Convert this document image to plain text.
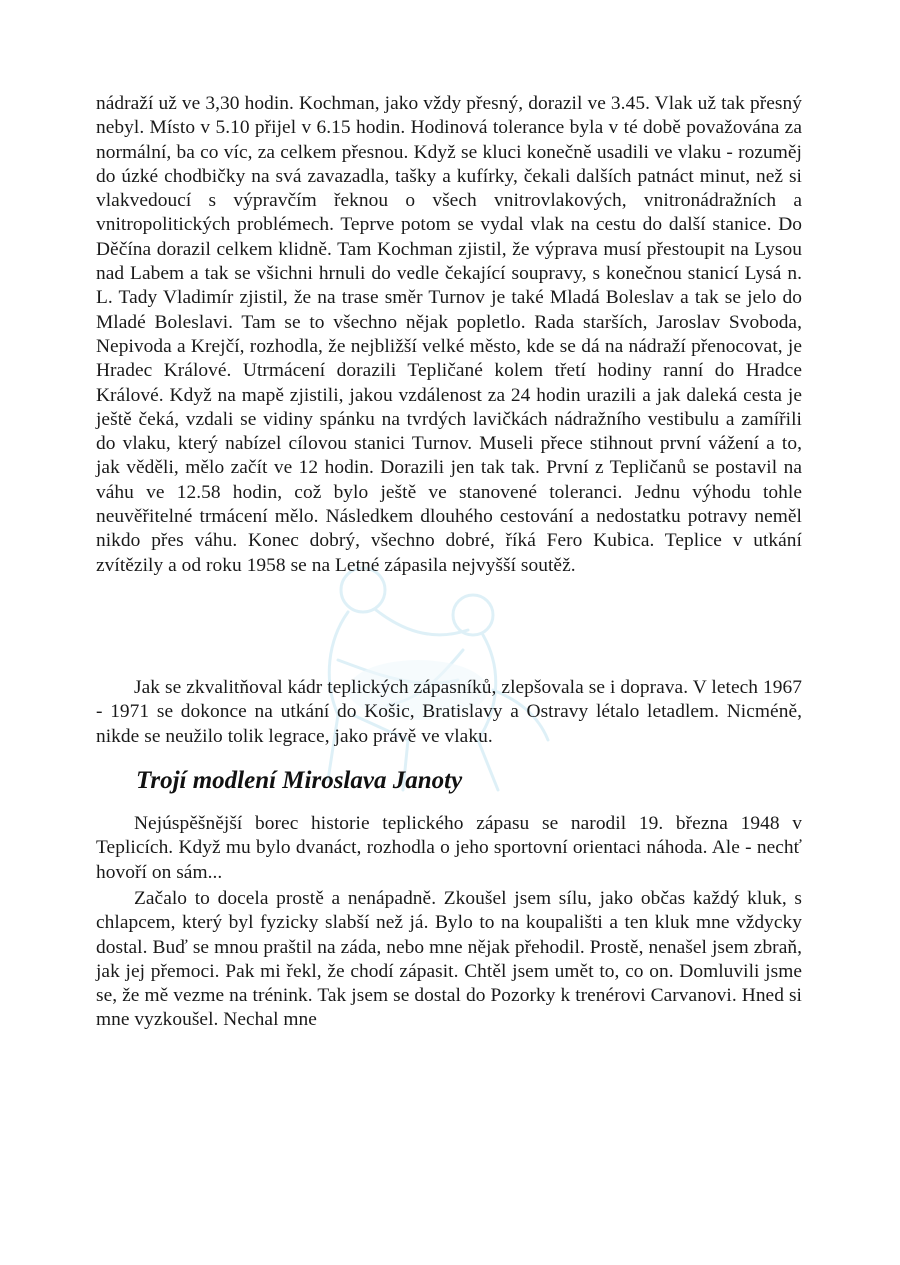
nádraží už ve 3,30 hodin. Kochman, jako vždy přesný, dorazil ve 3.45. Vlak už tak přesný nebyl. Místo v 5.10 přijel v 6.15 hodin. Hodinová tolerance byla v té době považována za normální, ba co víc, za celkem přesnou. Když se kluci konečně usadili ve vlaku - rozuměj do úzké chodbičky na svá zavazadla, tašky a kufírky, čekali dalších patnáct minut, než si vlakvedoucí s výpravčím řeknou o všech vnitrovlakových, vnitronádražních a vnitropolitických problémech. Teprve potom se vydal vlak na cestu do další stanice. Do Děčína dorazil celkem klidně. Tam Kochman zjistil, že výprava musí přestoupit na Lysou nad Labem a tak se všichni hrnuli do vedle čekající soupravy, s konečnou stanicí Lysá n. L. Tady Vladimír zjistil, že na trase směr Turnov je také Mladá Boleslav a tak se jelo do Mladé Boleslavi. Tam se to všechno nějak popletlo. Rada starších, Jaroslav Svoboda, Nepivoda a Krejčí, rozhodla, že nejbližší velké město, kde se dá na nádraží přenocovat, je Hradec Králové. Utrmácení dorazili Tepličané kolem třetí hodiny ranní do Hradce Králové. Když na mapě zjistili, jakou vzdálenost za 24 hodin urazili a jak daleká cesta je ještě čeká, vzdali se vidiny spánku na tvrdých lavičkách nádražního vestibulu a zamířili do vlaku, který nabízel cílovou stanici Turnov. Museli přece stihnout první vážení a to, jak věděli, mělo začít ve 12 hodin. Dorazili jen tak tak. První z Tepličanů se postavil na váhu ve 12.58 hodin, což bylo ještě ve stanovené toleranci. Jednu výhodu tohle neuvěřitelné trmácení mělo. Následkem dlouhého cestování a nedostatku potravy neměl nikdo přes váhu. Konec dobrý, všechno dobré, říká Fero Kubica. Teplice v utkání zvítězily a od roku 1958 se na Letné zápasila nejvyšší soutěž.

Jak se zkvalitňoval kádr teplických zápasníků, zlepšovala se i doprava. V letech 1967 - 1971 se dokonce na utkání do Košic, Bratislavy a Ostravy létalo letadlem. Nicméně, nikde se neužilo tolik legrace, jako právě ve vlaku.

Trojí modlení Miroslava Janoty

Nejúspěšnější borec historie teplického zápasu se narodil 19. března 1948 v Teplicích. Když mu bylo dvanáct, rozhodla o jeho sportovní orientaci náhoda. Ale - nechť hovoří on sám...

Začalo to docela prostě a nenápadně. Zkoušel jsem sílu, jako občas každý kluk, s chlapcem, který byl fyzicky slabší než já. Bylo to na koupališti a ten kluk mne vždycky dostal. Buď se mnou praštil na záda, nebo mne nějak přehodil. Prostě, nenašel jsem zbraň, jak jej přemoci. Pak mi řekl, že chodí zápasit. Chtěl jsem umět to, co on. Domluvili jsme se, že mě vezme na trénink. Tak jsem se dostal do Pozorky k trenérovi Carvanovi. Hned si mne vyzkoušel. Nechal mne
